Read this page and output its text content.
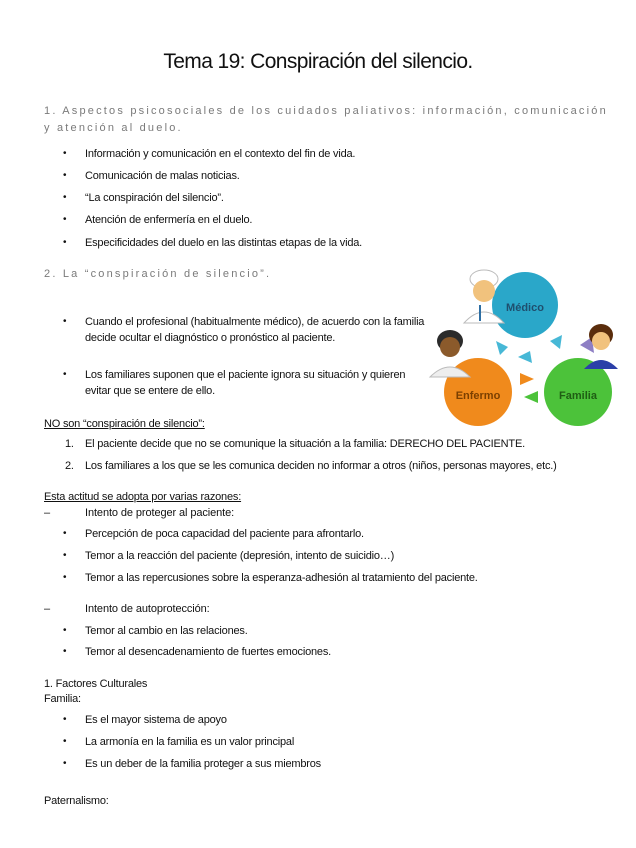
Tema 19: Conspiración del silencio.
1. Aspectos psicosociales de los cuidados paliativos: información, comunicación y atención al duelo.
•	Información y comunicación en el contexto del fin de vida.
•	Comunicación de malas noticias.
•	“La conspiración del silencio”.
•	Atención de enfermería en el duelo.
•	Especificidades del duelo en las distintas etapas de la vida.
2. La “conspiración de silencio”.
•	Cuando el profesional (habitualmente médico), de acuerdo con la familia decide ocultar el diagnóstico o pronóstico al paciente.
•	Los familiares suponen que el paciente ignora su situación y quieren evitar que se entere de ello.
Médico
Enfermo	Familia
NO son “conspiración de silencio”:
1. El paciente decide que no se comunique la situación a la familia: DERECHO DEL PACIENTE.
2. Los familiares a los que se les comunica deciden no informar a otros (niños, personas mayores, etc.)
Esta actitud se adopta por varias razones:
–	Intento de proteger al paciente:
•	Percepción de poca capacidad del paciente para afrontarlo.
•	Temor a la reacción del paciente (depresión, intento de suicidio…)
•	Temor a las repercusiones sobre la esperanza-adhesión al tratamiento del paciente.
–	Intento de autoprotección:
•	Temor al cambio en las relaciones.
•	Temor al desencadenamiento de fuertes emociones.
1. Factores Culturales
Familia:
•	Es el mayor sistema de apoyo
•	La armonía en la familia es un valor principal
•	Es un deber de la familia proteger a sus miembros
Paternalismo:
